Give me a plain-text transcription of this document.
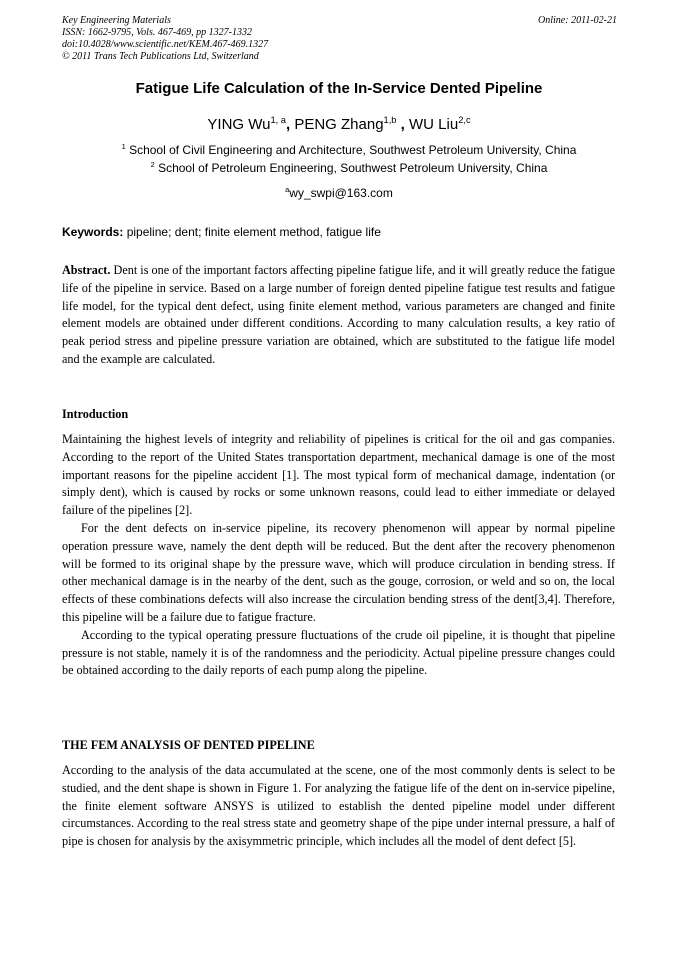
Key Engineering Materials	Online: 2011-02-21
ISSN: 1662-9795, Vols. 467-469, pp 1327-1332
doi:10.4028/www.scientific.net/KEM.467-469.1327
© 2011 Trans Tech Publications Ltd, Switzerland
Fatigue Life Calculation of the In-Service Dented Pipeline
YING Wu$^{1, a}$, PENG Zhang$^{1,b}$ , WU Liu$^{2,c}$
$^1$ School of Civil Engineering and Architecture, Southwest Petroleum University, China
$^2$ School of Petroleum Engineering, Southwest Petroleum University, China
$^a$wy_swpi@163.com
Keywords: pipeline; dent; finite element method, fatigue life
Abstract. Dent is one of the important factors affecting pipeline fatigue life, and it will greatly reduce the fatigue life of the pipeline in service. Based on a large number of foreign dented pipeline fatigue test results and fatigue life model, for the typical dent defect, using finite element method, various parameters are changed and finite element models are obtained under different conditions. According to many calculation results, a key ratio of peak period stress and pipeline pressure variation are obtained, which are substituted to the fatigue life model and the example are calculated.
Introduction

Maintaining the highest levels of integrity and reliability of pipelines is critical for the oil and gas companies. According to the report of the United States transportation department, mechanical damage is one of the most important reasons for the pipeline accident [1]. The most typical form of mechanical damage, indentation (or simply dent), which is caused by rocks or some unknown reasons, could lead to either immediate or delayed failure of the pipelines [2].

For the dent defects on in-service pipeline, its recovery phenomenon will appear by normal pipeline operation pressure wave, namely the dent depth will be reduced. But the dent after the recovery phenomenon will be formed to its original shape by the pressure wave, which will produce circulation in bending stress. If other mechanical damage is in the nearby of the dent, such as the gouge, corrosion, or weld and so on, the local effects of these combinations defects will also increase the circulation bending stress of the dent[3,4]. Therefore, this pipeline will be a failure due to fatigue fracture.

According to the typical operating pressure fluctuations of the crude oil pipeline, it is thought that pipeline pressure is not stable, namely it is of the randomness and the periodicity. Actual pipeline pressure changes could be obtained according to the daily reports of each pump along the pipeline.

THE FEM ANALYSIS OF DENTED PIPELINE

According to the analysis of the data accumulated at the scene, one of the most commonly dents is select to be studied, and the dent shape is shown in Figure 1. For analyzing the fatigue life of the dent on in-service pipeline, the finite element software ANSYS is utilized to establish the dented pipeline model under different circumstances. According to the real stress state and geometry shape of the pipe under internal pressure, a half of pipe is chosen for analysis by the axisymmetric principle, which includes all the model of dent defect [5].
